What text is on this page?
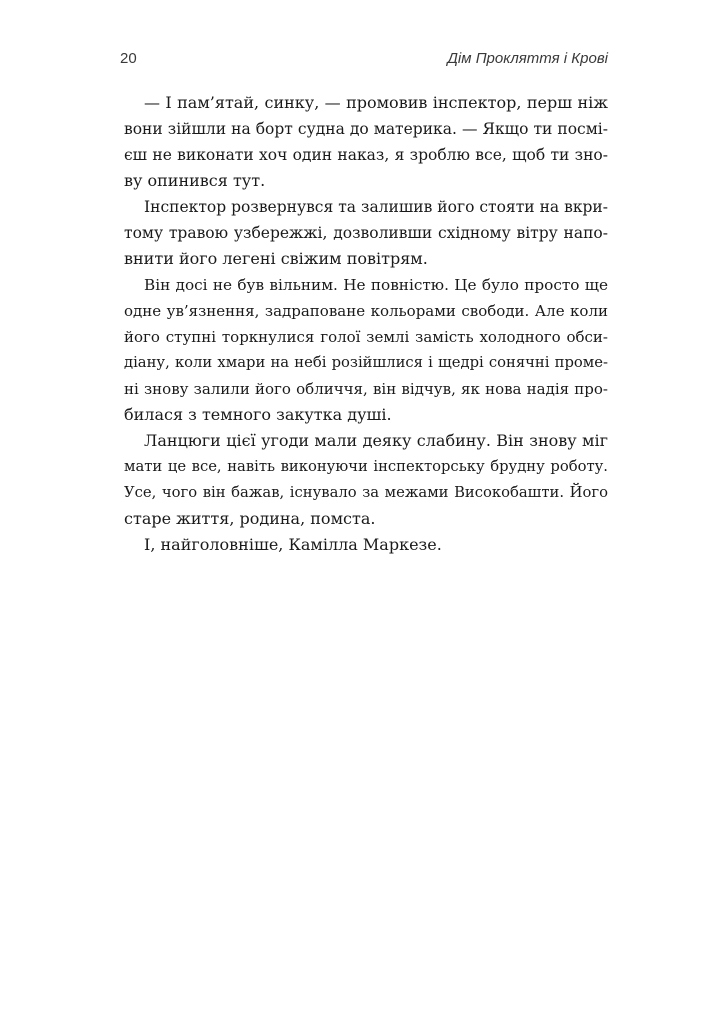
20	Дім Прокляття і Крові
— І пам’ятай, синку, — промовив інспектор, перш ніж
вони зійшли на борт судна до материка. — Якщо ти посмі-
єш не виконати хоч один наказ, я зроблю все, щоб ти зно-
ву опинився тут.
Інспектор розвернувся та залишив його стояти на вкри-
тому травою узбережжі, дозволивши східному вітру напо-
внити його легені свіжим повітрям.
Він досі не був вільним. Не повністю. Це було просто ще
одне ув’язнення, задраповане кольорами свободи. Але коли
його ступні торкнулися голої землі замість холодного обси-
діану, коли хмари на небі розійшлися і щедрі сонячні проме-
ні знову залили його обличчя, він відчув, як нова надія про-
билася з темного закутка душі.
Ланцюги цієї угоди мали деяку слабину. Він знову міг
мати це все, навіть виконуючи інспекторську брудну роботу.
Усе, чого він бажав, існувало за межами Високобашти. Його
старе життя, родина, помста.
І, найголовніше, Камілла Маркезе.
